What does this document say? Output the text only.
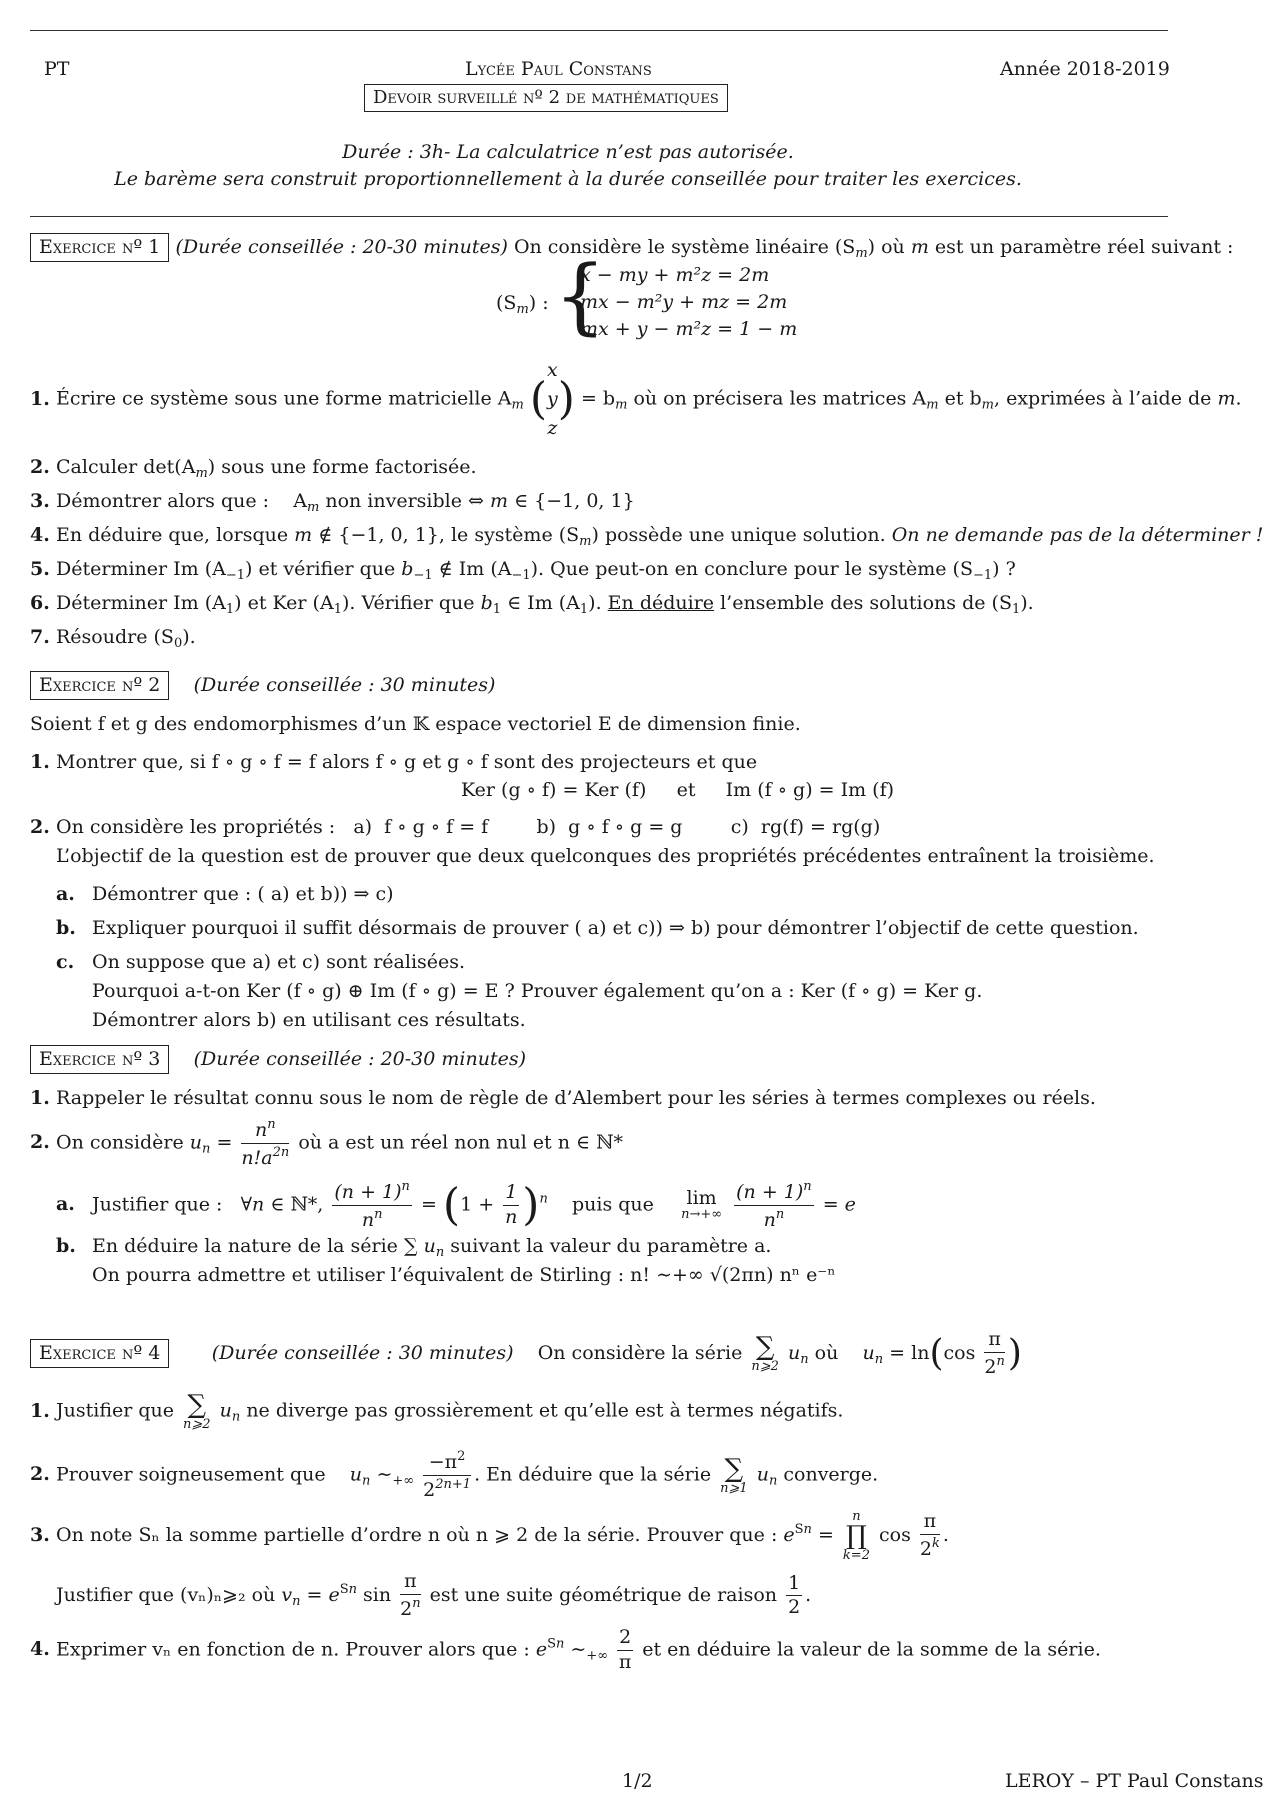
PT	Lycée Paul Constans	Année 2018-2019
Devoir surveillé nº 2 de mathématiques
Durée : 3h- La calculatrice n’est pas autorisée.
Le barème sera construit proportionnellement à la durée conseillée pour traiter les exercices.
Exercice nº 1 (Durée conseillée : 20-30 minutes) On considère le système linéaire $(S_m)$ où m est un paramètre réel suivant :
$(S_m)$ : {
x − my + m²z = 2m
mx − m²y + mz = 2m
mx + y − m²z = 1 − m
1. Écrire ce système sous une forme matricielle $A_m$ (x
y
$z) = b_m$ où on précisera les matrices $A_m$ et $b_m$, exprimées à l’aide de m.
2. Calculer $\det(A_m)$ sous une forme factorisée.
3. Démontrer alors que :    $A_m$ non inversible ⇔ m ∈ {−1, 0, 1}
4. En déduire que, lorsque m ∉ {−1, 0, 1}, le système $(S_m)$ possède une unique solution. On ne demande pas de la déterminer !
5. Déterminer Im $(A_{-1})$ et vérifier que $b_{-1}$ ∉ Im $(A_{-1})$. Que peut-on en conclure pour le système $(S_{-1})$ ?
6. Déterminer Im $(A_1)$ et Ker $(A_1)$. Vérifier que $b_1$ ∈ Im $(A_1)$. En déduire l’ensemble des solutions de $(S_1)$.
7. Résoudre $(S_0)$.
Exercice nº 2 (Durée conseillée : 30 minutes)
Soient f et g des endomorphismes d’un 𝕂 espace vectoriel E de dimension finie.
1. Montrer que, si f ∘ g ∘ f = f alors f ∘ g et g ∘ f sont des projecteurs et que
Ker (g ∘ f) = Ker (f)     et     Im (f ∘ g) = Im (f)
2. On considère les propriétés :   a)  f ∘ g ∘ f = f        b)  g ∘ f ∘ g = g        c)  rg(f) = rg(g)
L’objectif de la question est de prouver que deux quelconques des propriétés précédentes entraînent la troisième.
a. Démontrer que : ( a) et b)) ⇒ c)
b. Expliquer pourquoi il suffit désormais de prouver ( a) et c)) ⇒ b) pour démontrer l’objectif de cette question.
c. On suppose que a) et c) sont réalisées.
Pourquoi a-t-on Ker (f ∘ g) ⊕ Im (f ∘ g) = E ? Prouver également qu’on a : Ker (f ∘ g) = Ker g.
Démontrer alors b) en utilisant ces résultats.
Exercice nº 3 (Durée conseillée : 20-30 minutes)
1. Rappeler le résultat connu sous le nom de règle de d’Alembert pour les séries à termes complexes ou réels.
2. On considère $u_n = \frac{n^n}{n!a^{2n}}$ où a est un réel non nul et n ∈ ℕ*
a. Justifier que :   ∀n ∈ ℕ*, $\frac{(n + 1)^n}{n^n} = (1 + \frac{1}{n} )^n$ puis que lim
n→+∞
$\frac{(n + 1)^n}{n^n} = e$
b. En déduire la nature de la série ∑ $u_n$ suivant la valeur du paramètre a.
On pourra admettre et utiliser l’équivalent de Stirling : n! ∼+∞ √(2πn) nⁿ e⁻ⁿ
Exercice nº 4	(Durée conseillée : 30 minutes) On considère la série ∑
n⩾2
$u_n$ où $u_n = \ln(\cos \frac{\pi}{2^n}$ )
1. Justifier que ∑
n⩾2
$u_n$ ne diverge pas grossièrement et qu’elle est à termes négatifs.
2. Prouver soigneusement que $u_n$ $\sim_{+\infty} \frac{-\pi^2}{2^{2n+1}}$ . En déduire que la série ∑
n⩾1
$u_n$ converge.
3. On note Sₙ la somme partielle d’ordre n où n ⩾ 2 de la série. Prouver que : $e^{Sn}$ =
n
∏
k=2
$\cos \frac{\pi}{2^k}$ .
Justifier que (vₙ)ₙ⩾₂ où $v_n = e^{Sn}$ $\sin \frac{\pi}{2^n}$ est une suite géométrique de raison $\frac{1}{2}$ .
4. Exprimer vₙ en fonction de n. Prouver alors que : $e^{Sn}$ $\sim_{+\infty} \frac{2}{\pi}$ et en déduire la valeur de la somme de la série.
1/2	LEROY – PT Paul Constans
